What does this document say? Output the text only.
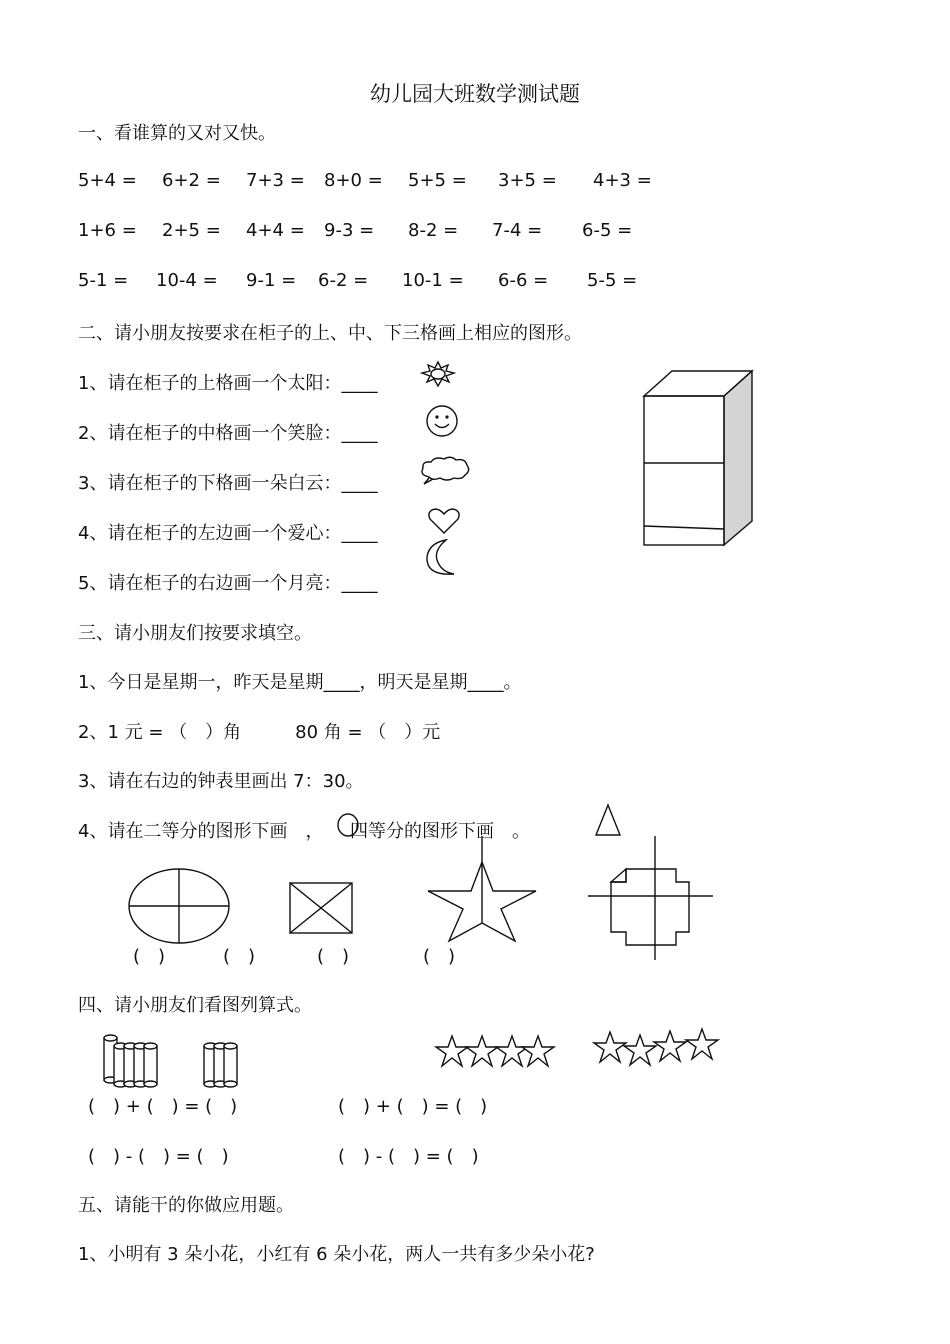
幼儿园大班数学测试题
一、看谁算的又对又快。
5+4 = 6+2 = 7+3 = 8+0 = 5+5 = 3+5 = 4+3 =
1+6 = 2+5 = 4+4 = 9-3 = 8-2 = 7-4 = 6-5 =
5-1 = 10-4 = 9-1 = 6-2 = 10-1 = 6-6 = 5-5 =
二、请小朋友按要求在柜子的上、中、下三格画上相应的图形。
1、请在柜子的上格画一个太阳：____
2、请在柜子的中格画一个笑脸：____
3、请在柜子的下格画一朵白云：____
4、请在柜子的左边画一个爱心：____
5、请在柜子的右边画一个月亮：____
三、请小朋友们按要求填空。
1、今日是星期一，昨天是星期____，明天是星期____。
2、1 元 = （　）角　　　80 角 = （　）元
3、请在右边的钟表里画出 7：30。
4、请在二等分的图形下画　， 四等分的图形下画　。
(　)	(　)	(　)	(　)
四、请小朋友们看图列算式。
(　) + (　) = (　)	(　) + (　) = (　)
(　) - (　) = (　)	(　) - (　) = (　)
五、请能干的你做应用题。
1、小明有 3 朵小花，小红有 6 朵小花，两人一共有多少朵小花?
